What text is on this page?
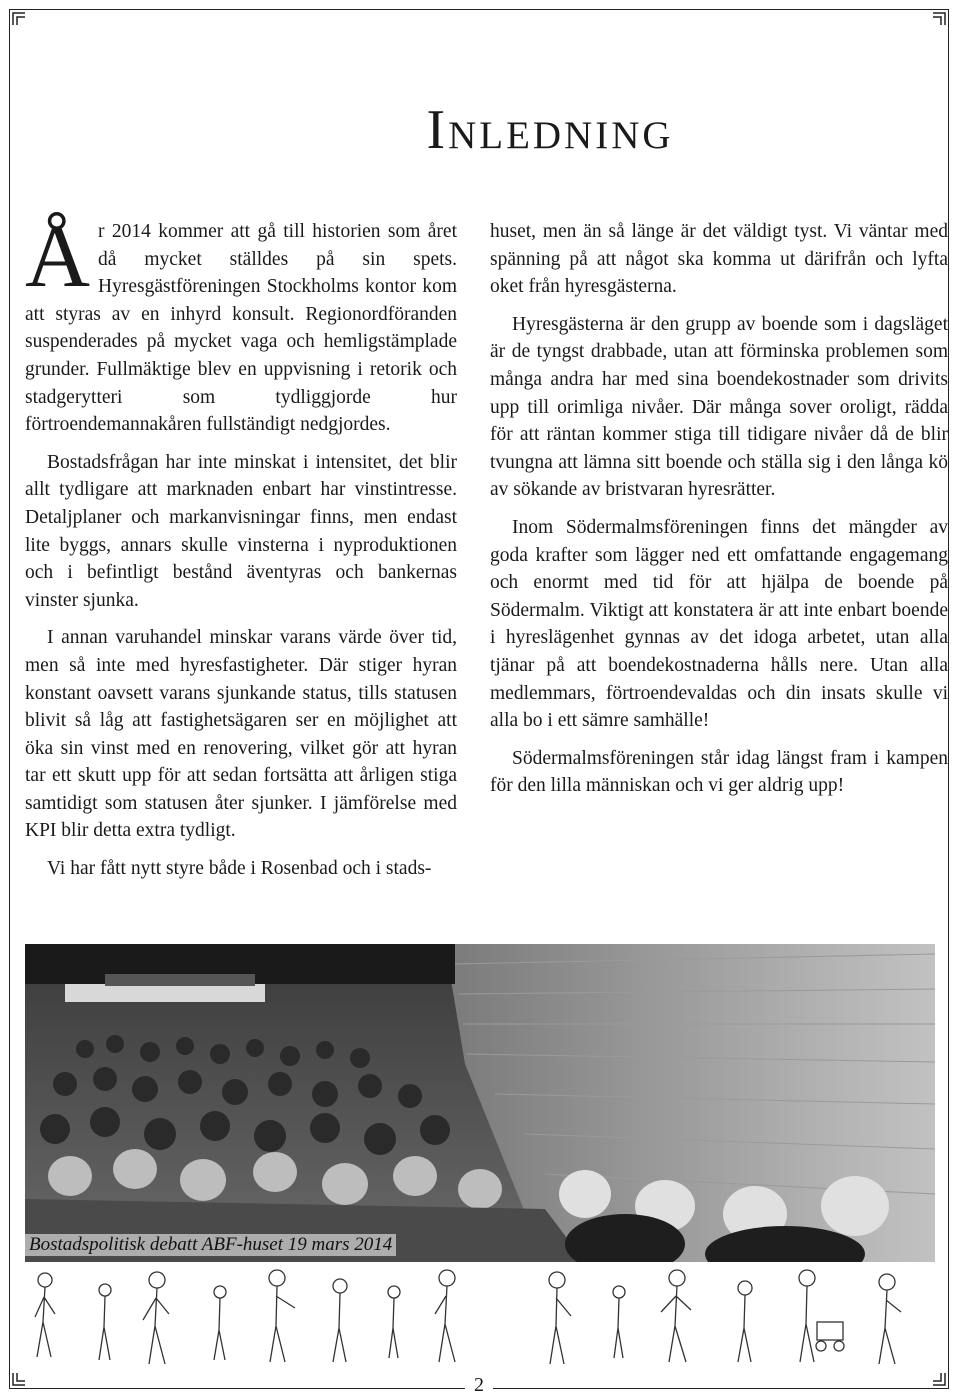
Inledning

År 2014 kommer att gå till historien som året då mycket ställdes på sin spets. Hyresgästföreningen Stockholms kontor kom att styras av en inhyrd konsult. Regionordföranden suspenderades på mycket vaga och hemligstämplade grunder. Fullmäktige blev en uppvisning i retorik och stadgerytteri som tydliggjorde hur förtroendemannakåren fullständigt nedgjordes.

Bostadsfrågan har inte minskat i intensitet, det blir allt tydligare att marknaden enbart har vinstintresse. Detaljplaner och markanvisningar finns, men endast lite byggs, annars skulle vinsterna i nyproduktionen och i befintligt bestånd äventyras och bankernas vinster sjunka.

I annan varuhandel minskar varans värde över tid, men så inte med hyresfastigheter. Där stiger hyran konstant oavsett varans sjunkande status, tills statusen blivit så låg att fastighetsägaren ser en möjlighet att öka sin vinst med en renovering, vilket gör att hyran tar ett skutt upp för att sedan fortsätta att årligen stiga samtidigt som statusen åter sjunker. I jämförelse med KPI blir detta extra tydligt.

Vi har fått nytt styre både i Rosenbad och i stads-

huset, men än så länge är det väldigt tyst. Vi väntar med spänning på att något ska komma ut därifrån och lyfta oket från hyresgästerna.

Hyresgästerna är den grupp av boende som i dagsläget är de tyngst drabbade, utan att förminska problemen som många andra har med sina boendekostnader som drivits upp till orimliga nivåer. Där många sover oroligt, rädda för att räntan kommer stiga till tidigare nivåer då de blir tvungna att lämna sitt boende och ställa sig i den långa kö av sökande av bristvaran hyresrätter.

Inom Södermalmsföreningen finns det mängder av goda krafter som lägger ned ett omfattande engagemang och enormt med tid för att hjälpa de boende på Södermalm. Viktigt att konstatera är att inte enbart boende i hyreslägenhet gynnas av det idoga arbetet, utan alla tjänar på att boendekostnaderna hålls nere. Utan alla medlemmars, förtroendevaldas och din insats skulle vi alla bo i ett sämre samhälle!

Södermalmsföreningen står idag längst fram i kampen för den lilla människan och vi ger aldrig upp!

Bostadspolitisk debatt ABF-huset 19 mars 2014
2
